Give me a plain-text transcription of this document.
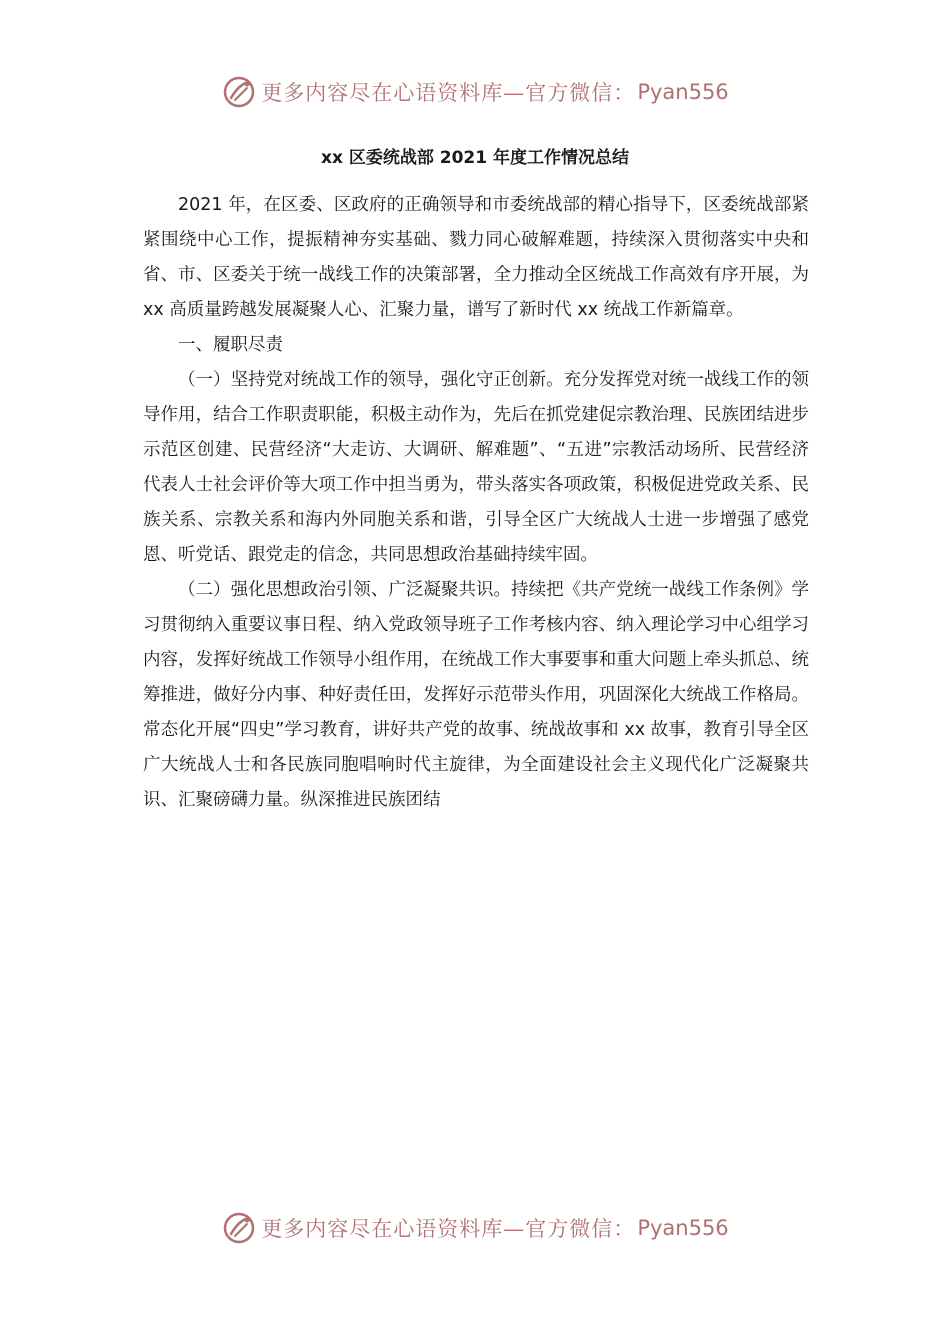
更多内容尽在心语资料库—官方微信： Pyan556
xx 区委统战部 2021 年度工作情况总结

2021 年，在区委、区政府的正确领导和市委统战部的精心指导下，区委统战部紧紧围绕中心工作，提振精神夯实基础、戮力同心破解难题，持续深入贯彻落实中央和省、市、区委关于统一战线工作的决策部署，全力推动全区统战工作高效有序开展，为 xx 高质量跨越发展凝聚人心、汇聚力量，谱写了新时代 xx 统战工作新篇章。

一、履职尽责

（一）坚持党对统战工作的领导，强化守正创新。充分发挥党对统一战线工作的领导作用，结合工作职责职能，积极主动作为，先后在抓党建促宗教治理、民族团结进步示范区创建、民营经济“大走访、大调研、解难题”、“五进”宗教活动场所、民营经济代表人士社会评价等大项工作中担当勇为，带头落实各项政策，积极促进党政关系、民族关系、宗教关系和海内外同胞关系和谐，引导全区广大统战人士进一步增强了感党恩、听党话、跟党走的信念，共同思想政治基础持续牢固。

（二）强化思想政治引领、广泛凝聚共识。持续把《共产党统一战线工作条例》学习贯彻纳入重要议事日程、纳入党政领导班子工作考核内容、纳入理论学习中心组学习内容，发挥好统战工作领导小组作用，在统战工作大事要事和重大问题上牵头抓总、统筹推进，做好分内事、种好责任田，发挥好示范带头作用，巩固深化大统战工作格局。常态化开展“四史”学习教育，讲好共产党的故事、统战故事和 xx 故事，教育引导全区广大统战人士和各民族同胞唱响时代主旋律，为全面建设社会主义现代化广泛凝聚共识、汇聚磅礴力量。纵深推进民族团结

更多内容尽在心语资料库—官方微信： Pyan556
